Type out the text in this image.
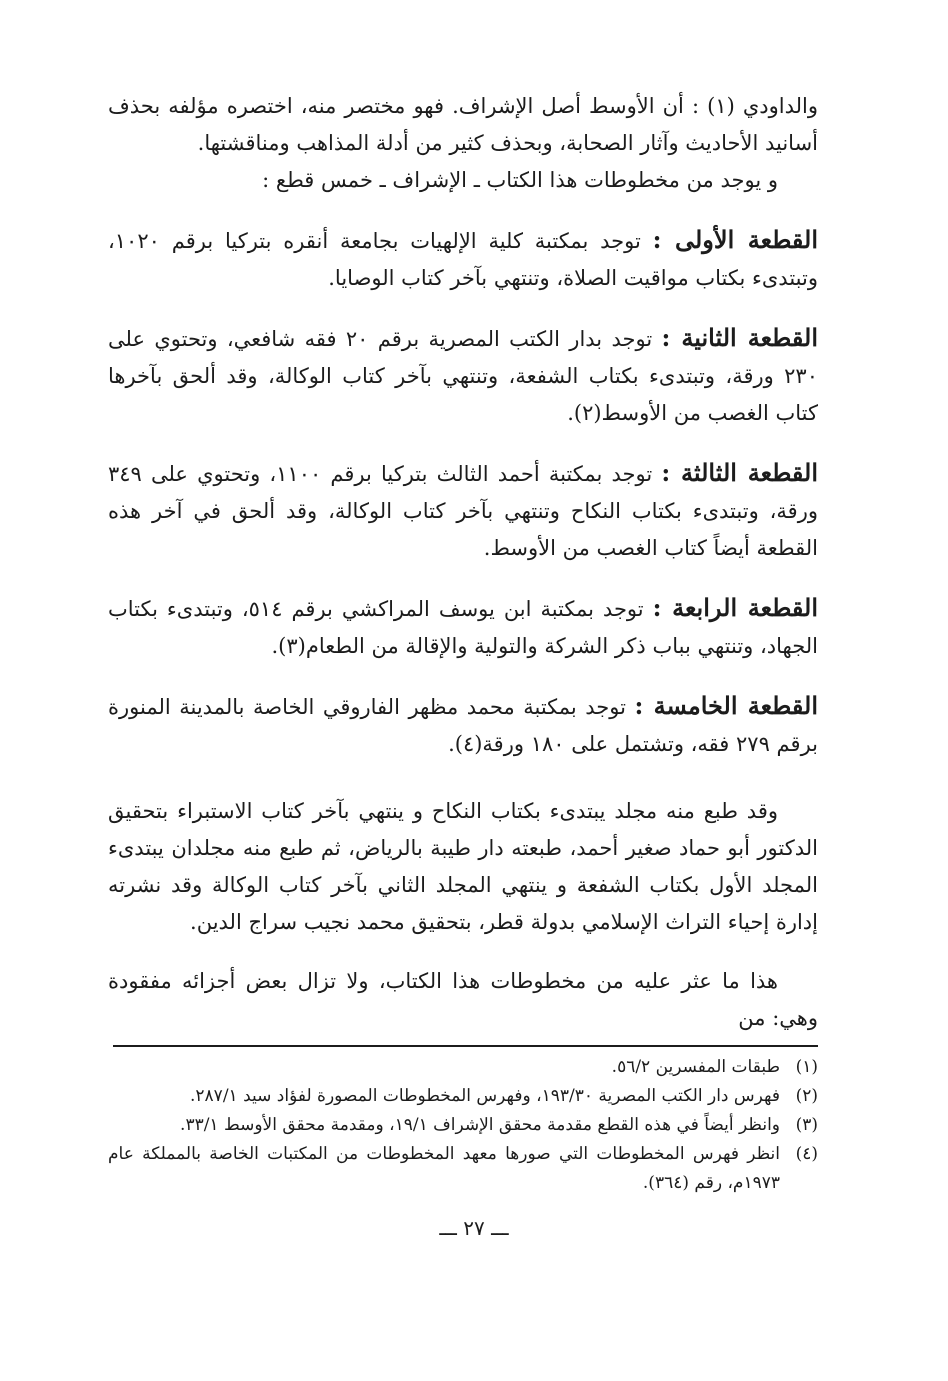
والداودي (١) : أن الأوسط أصل الإشراف. فهو مختصر منه، اختصره مؤلفه بحذف أسانيد الأحاديث وآثار الصحابة، وبحذف كثير من أدلة المذاهب ومناقشتها.

و يوجد من مخطوطات هذا الكتاب ـ الإشراف ـ خمس قطع :

القطعة الأولى : توجد بمكتبة كلية الإلهيات بجامعة أنقره بتركيا برقم ١٠٢٠، وتبتدىء بكتاب مواقيت الصلاة، وتنتهي بآخر كتاب الوصايا.

القطعة الثانية : توجد بدار الكتب المصرية برقم ٢٠ فقه شافعي، وتحتوي على ٢٣٠ ورقة، وتبتدىء بكتاب الشفعة، وتنتهي بآخر كتاب الوكالة، وقد ألحق بآخرها كتاب الغصب من الأوسط(٢).

القطعة الثالثة : توجد بمكتبة أحمد الثالث بتركيا برقم ١١٠٠، وتحتوي على ٣٤٩ ورقة، وتبتدىء بكتاب النكاح وتنتهي بآخر كتاب الوكالة، وقد ألحق في آخر هذه القطعة أيضاً كتاب الغصب من الأوسط.

القطعة الرابعة : توجد بمكتبة ابن يوسف المراكشي برقم ٥١٤، وتبتدىء بكتاب الجهاد، وتنتهي بباب ذكر الشركة والتولية والإقالة من الطعام(٣).

القطعة الخامسة : توجد بمكتبة محمد مظهر الفاروقي الخاصة بالمدينة المنورة برقم ٢٧٩ فقه، وتشتمل على ١٨٠ ورقة(٤).

وقد طبع منه مجلد يبتدىء بكتاب النكاح و ينتهي بآخر كتاب الاستبراء بتحقيق الدكتور أبو حماد صغير أحمد، طبعته دار طيبة بالرياض، ثم طبع منه مجلدان يبتدىء المجلد الأول بكتاب الشفعة و ينتهي المجلد الثاني بآخر كتاب الوكالة وقد نشرته إدارة إحياء التراث الإسلامي بدولة قطر، بتحقيق محمد نجيب سراج الدين.

هذا ما عثر عليه من مخطوطات هذا الكتاب، ولا تزال بعض أجزائه مفقودة وهي: من

(١)
طبقات المفسرين ٥٦/٢.
(٢)
فهرس دار الكتب المصرية ١٩٣/٣٠، وفهرس المخطوطات المصورة لفؤاد سيد ٢٨٧/١.
(٣)
وانظر أيضاً في هذه القطع مقدمة محقق الإشراف ١٩/١، ومقدمة محقق الأوسط ٣٣/١.
(٤)
انظر فهرس المخطوطات التي صورها معهد المخطوطات من المكتبات الخاصة بالمملكة عام ١٩٧٣م، رقم (٣٦٤).
ـــ ٢٧ ـــ
